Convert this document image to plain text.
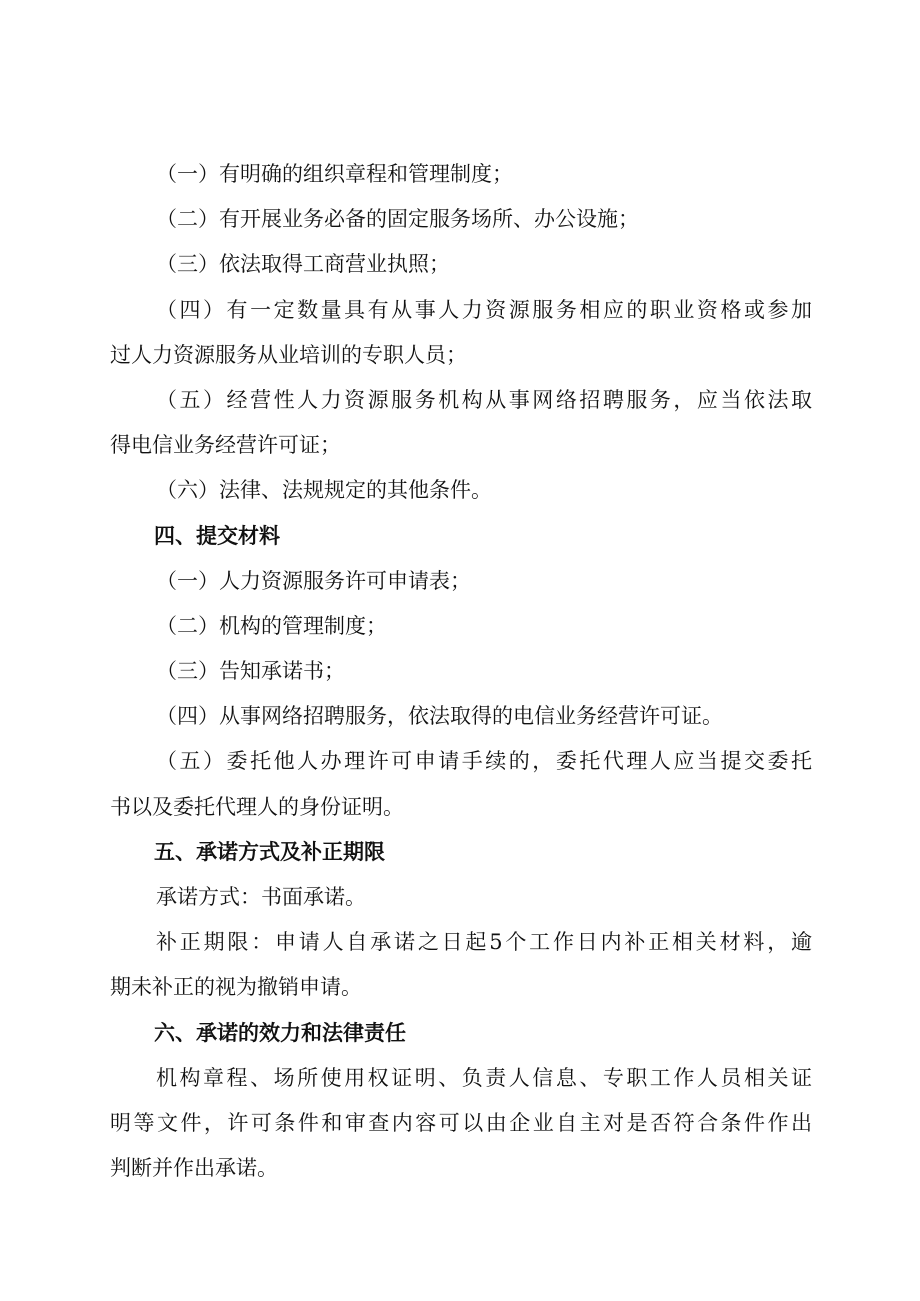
（一）有明确的组织章程和管理制度；
（二）有开展业务必备的固定服务场所、办公设施；
（三）依法取得工商营业执照；
（四）有一定数量具有从事人力资源服务相应的职业资格或参加
过人力资源服务从业培训的专职人员；
（五）经营性人力资源服务机构从事网络招聘服务，应当依法取
得电信业务经营许可证；
（六）法律、法规规定的其他条件。
四、提交材料
（一）人力资源服务许可申请表；
（二）机构的管理制度；
（三）告知承诺书；
（四）从事网络招聘服务，依法取得的电信业务经营许可证。
（五）委托他人办理许可申请手续的，委托代理人应当提交委托
书以及委托代理人的身份证明。
五、承诺方式及补正期限
承诺方式：书面承诺。
补正期限：申请人自承诺之日起5个工作日内补正相关材料，逾
期未补正的视为撤销申请。
六、承诺的效力和法律责任
机构章程、场所使用权证明、负责人信息、专职工作人员相关证
明等文件，许可条件和审查内容可以由企业自主对是否符合条件作出
判断并作出承诺。
